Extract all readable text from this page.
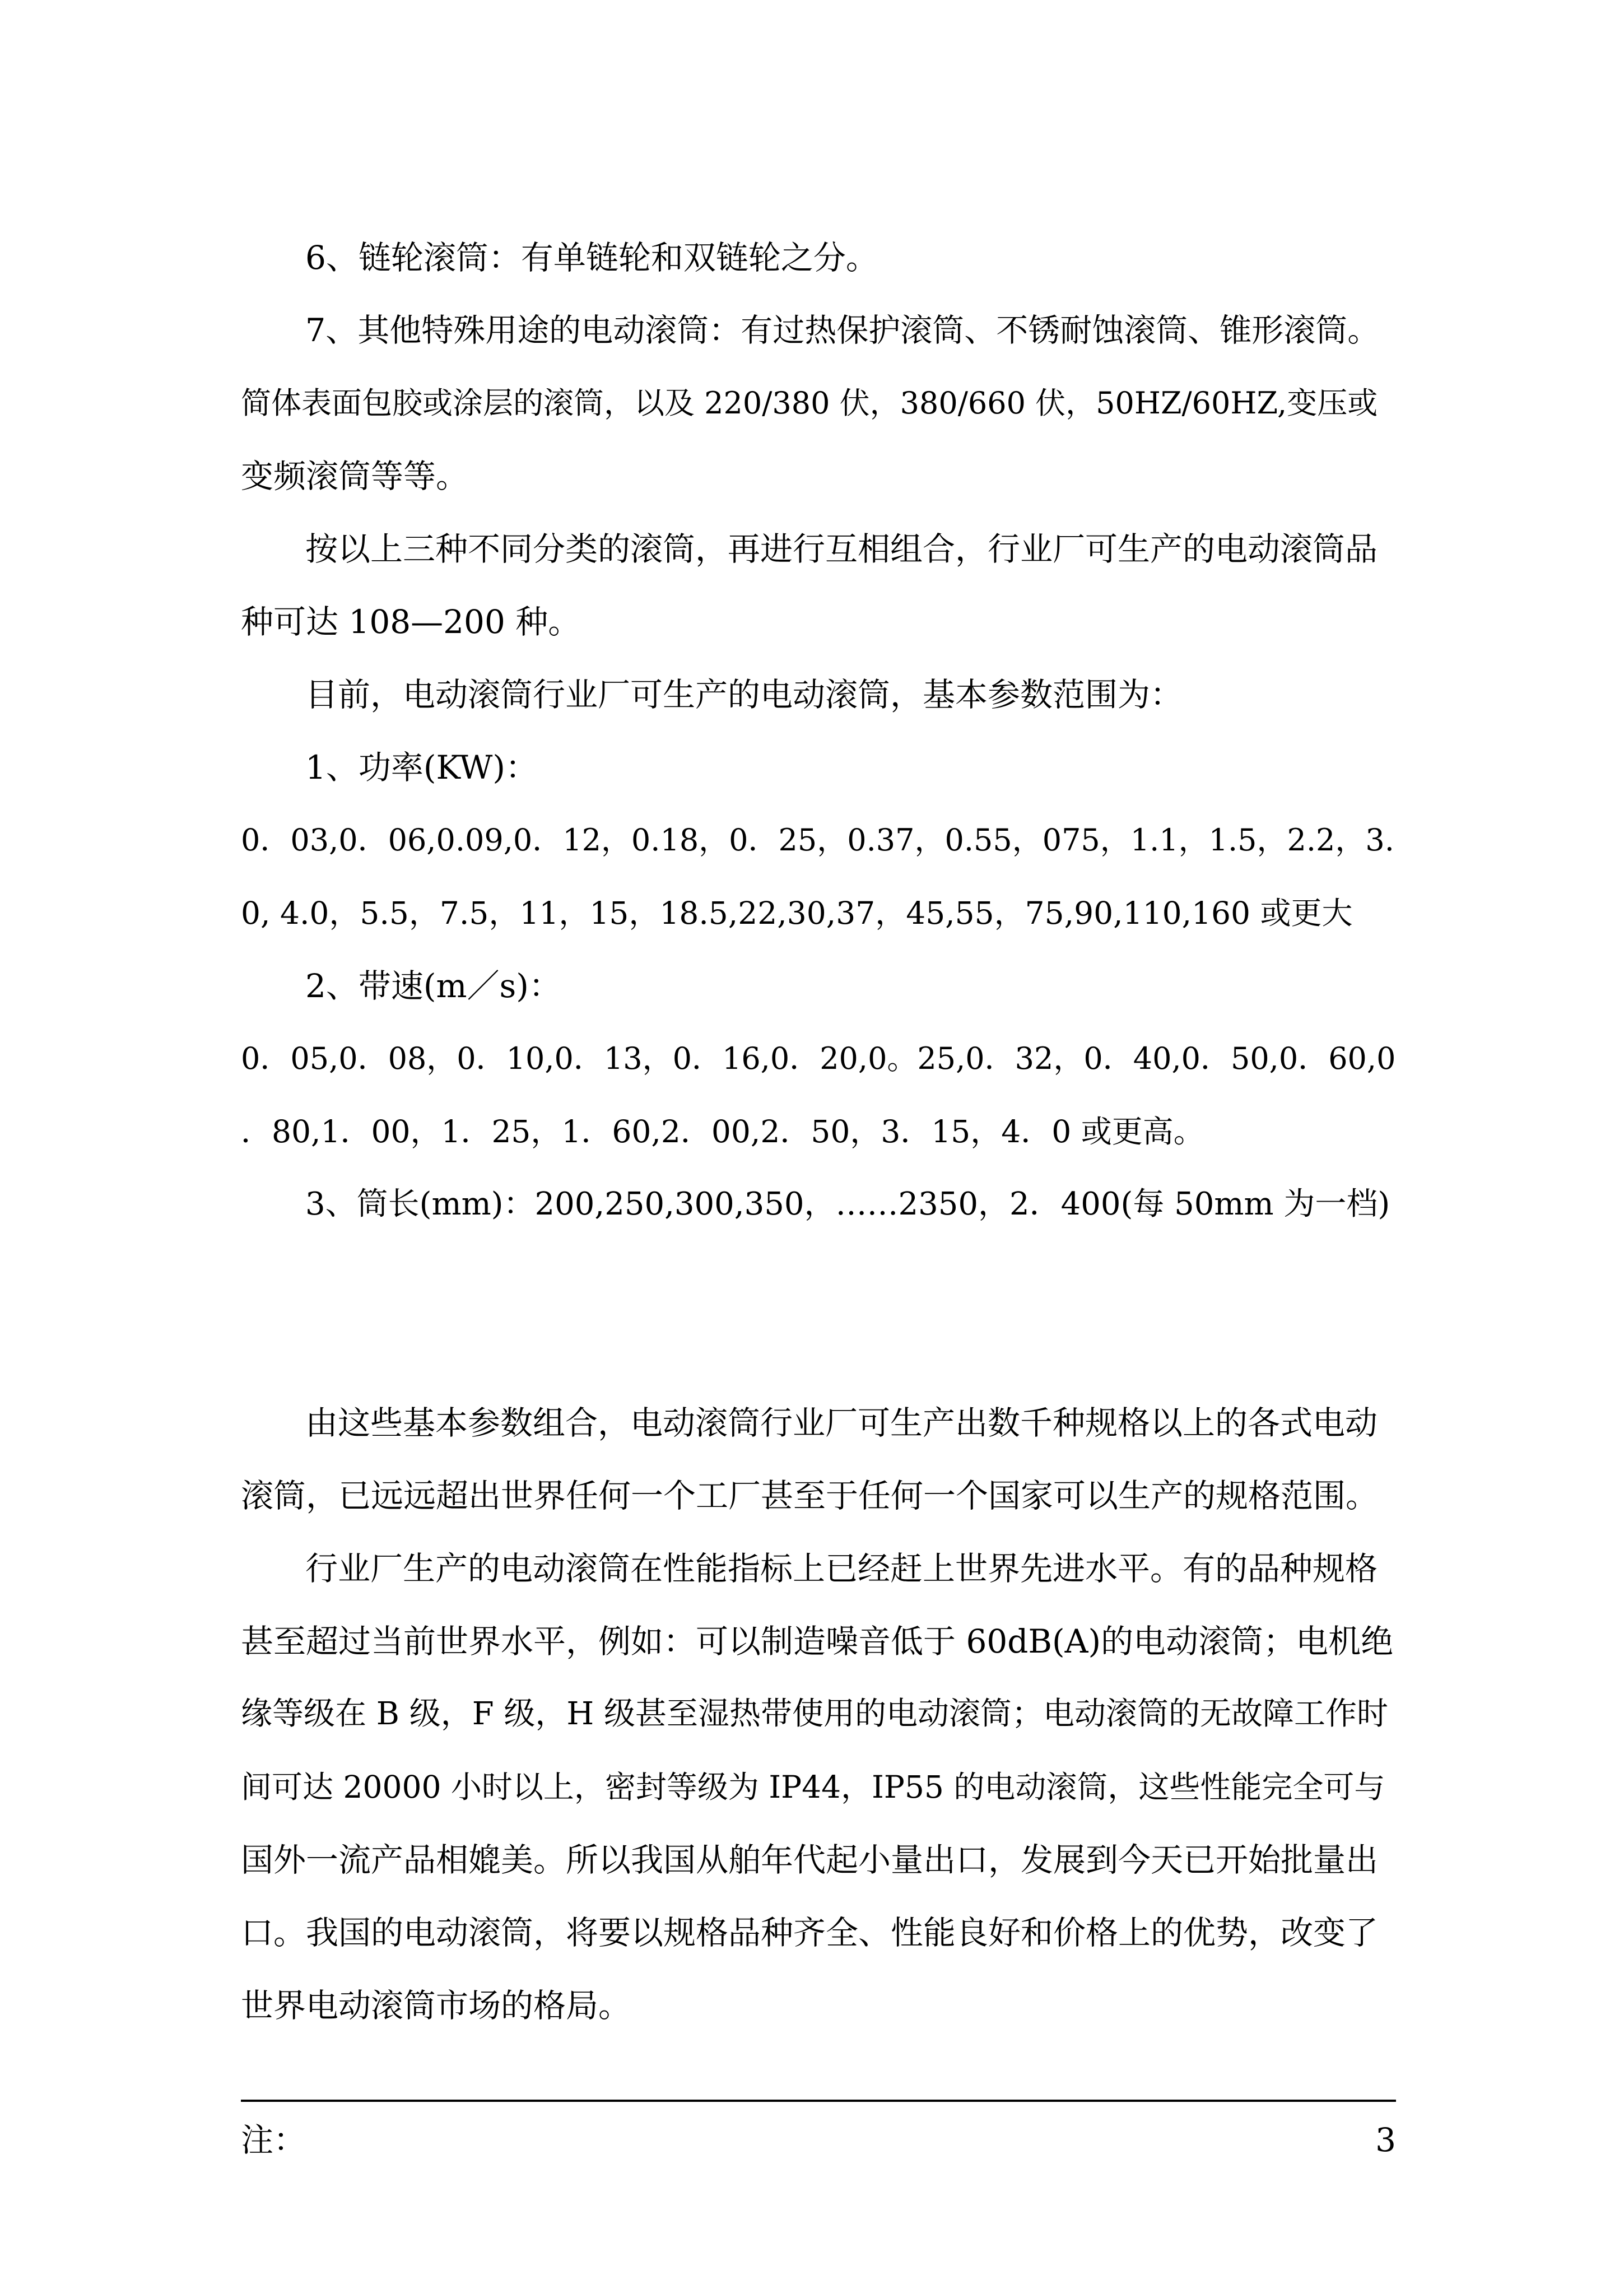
6、链轮滚筒：有单链轮和双链轮之分。
7、其他特殊用途的电动滚筒：有过热保护滚筒、不锈耐蚀滚筒、锥形滚筒。
简体表面包胶或涂层的滚筒，以及 220/380 伏，380/660 伏，50HZ/60HZ,变压或
变频滚筒等等。
按以上三种不同分类的滚筒，再进行互相组合，行业厂可生产的电动滚筒品
种可达 108—200 种。
目前，电动滚筒行业厂可生产的电动滚筒，基本参数范围为：
1、功率(KW)：
0．03,0．06,0.09,0．12，0.18，0．25，0.37，0.55，075，1.1，1.5，2.2，3.
0, 4.0，5.5，7.5，11，15，18.5,22,30,37，45,55，75,90,110,160 或更大
2、带速(m／s)：
0．05,0．08，0．10,0．13，0．16,0．20,0。25,0．32，0．40,0．50,0．60,0
．80,1．00，1．25，1．60,2．00,2．50，3．15，4．0 或更高。
3、筒长(mm)：200,250,300,350，……2350，2．400(每 50mm 为一档)
由这些基本参数组合，电动滚筒行业厂可生产出数千种规格以上的各式电动
滚筒，已远远超出世界任何一个工厂甚至于任何一个国家可以生产的规格范围。
行业厂生产的电动滚筒在性能指标上已经赶上世界先进水平。有的品种规格
甚至超过当前世界水平，例如：可以制造噪音低于 60dB(A)的电动滚筒；电机绝
缘等级在 B 级，F 级，H 级甚至湿热带使用的电动滚筒；电动滚筒的无故障工作时
间可达 20000 小时以上，密封等级为 IP44，IP55 的电动滚筒，这些性能完全可与
国外一流产品相媲美。所以我国从舶年代起小量出口，发展到今天已开始批量出
口。我国的电动滚筒，将要以规格品种齐全、性能良好和价格上的优势，改变了
世界电动滚筒市场的格局。
注：	3
